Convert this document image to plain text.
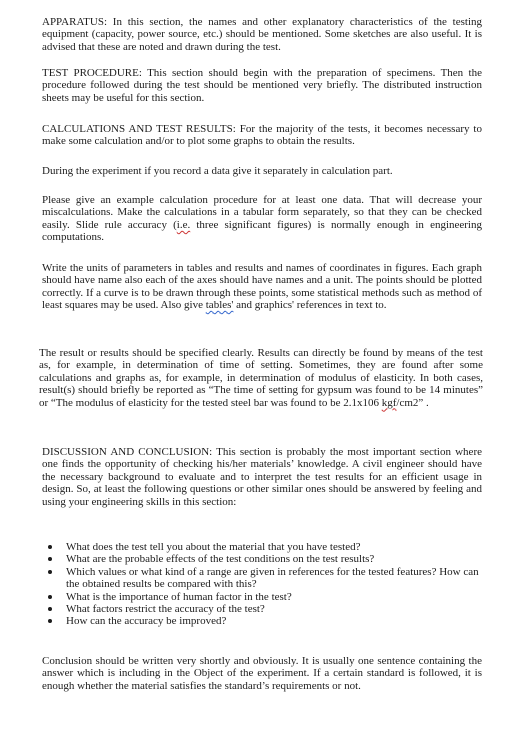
APPARATUS: In this section, the names and other explanatory characteristics of the testing equipment (capacity, power source, etc.) should be mentioned. Some sketches are also useful. It is advised that these are noted and drawn during the test.

TEST PROCEDURE: This section should begin with the preparation of specimens. Then the procedure followed during the test should be mentioned very briefly. The distributed instruction sheets may be useful for this section.

CALCULATIONS AND TEST RESULTS: For the majority of the tests, it becomes necessary to make some calculation and/or to plot some graphs to obtain the results.

During the experiment if you record a data give it separately in calculation part.

Please give an example calculation procedure for at least one data. That will decrease your miscalculations. Make the calculations in a tabular form separately, so that they can be checked easily. Slide rule accuracy (i.e. three significant figures) is normally enough in engineering computations.

Write the units of parameters in tables and results and names of coordinates in figures. Each graph should have name also each of the axes should have names and a unit. The points should be plotted correctly. If a curve is to be drawn through these points, some statistical methods such as method of least squares may be used. Also give tables' and graphics' references in text to.

The result or results should be specified clearly. Results can directly be found by means of the test as, for example, in determination of time of setting. Sometimes, they are found after some calculations and graphs as, for example, in determination of modulus of elasticity. In both cases, result(s) should briefly be reported as “The time of setting for gypsum was found to be 14 minutes” or “The modulus of elasticity for the tested steel bar was found to be 2.1x106 kgf/cm2” .

DISCUSSION AND CONCLUSION: This section is probably the most important section where one finds the opportunity of checking his/her materials’ knowledge. A civil engineer should have the necessary background to evaluate and to interpret the test results for an efficient usage in design. So, at least the following questions or other similar ones should be answered by feeling and using your engineering skills in this section:

What does the test tell you about the material that you have tested?
What are the probable effects of the test conditions on the test results?
Which values or what kind of a range are given in references for the tested features? How can the obtained results be compared with this?
What is the importance of human factor in the test?
What factors restrict the accuracy of the test?
How can the accuracy be improved?

Conclusion should be written very shortly and obviously. It is usually one sentence containing the answer which is including in the Object of the experiment. If a certain standard is followed, it is enough whether the material satisfies the standard’s requirements or not.
